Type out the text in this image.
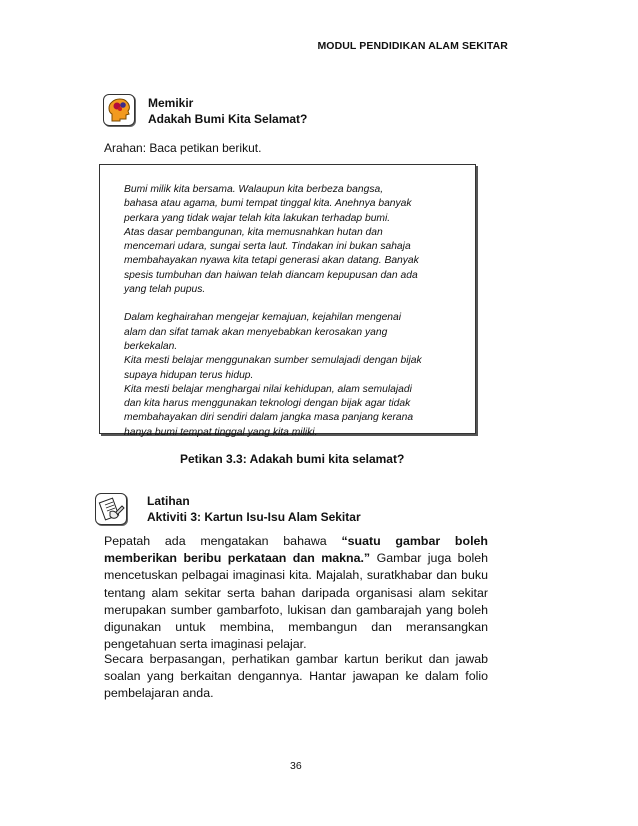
MODUL PENDIDIKAN ALAM SEKITAR
Memikir
Adakah Bumi Kita Selamat?
Arahan: Baca petikan berikut.

Bumi milik kita bersama. Walaupun kita berbeza bangsa,

bahasa atau agama, bumi tempat tinggal kita. Anehnya banyak

perkara yang tidak wajar telah kita lakukan terhadap bumi.

Atas dasar pembangunan, kita memusnahkan hutan dan

mencemari udara, sungai serta laut. Tindakan ini bukan sahaja

membahayakan nyawa kita tetapi generasi akan datang. Banyak

spesis tumbuhan dan haiwan telah diancam kepupusan dan ada

yang telah pupus.

Dalam keghairahan mengejar kemajuan, kejahilan mengenai

alam dan sifat tamak akan menyebabkan kerosakan yang

berkekalan.

Kita mesti belajar menggunakan sumber semulajadi dengan bijak

supaya hidupan terus hidup.

Kita mesti belajar menghargai nilai kehidupan, alam semulajadi

dan kita harus menggunakan teknologi dengan bijak agar tidak

membahayakan diri sendiri dalam jangka masa panjang kerana

hanya bumi tempat tinggal yang kita miliki.

Petikan 3.3: Adakah bumi kita selamat?
Latihan
Aktiviti 3: Kartun Isu-Isu Alam Sekitar

Pepatah ada mengatakan bahawa “suatu gambar boleh memberikan beribu perkataan dan makna.” Gambar juga boleh mencetuskan pelbagai imaginasi kita. Majalah, suratkhabar dan buku tentang alam sekitar serta bahan daripada organisasi alam sekitar merupakan sumber gambarfoto, lukisan dan gambarajah yang boleh digunakan untuk membina, membangun dan meransangkan pengetahuan serta imaginasi pelajar.

Secara berpasangan, perhatikan gambar kartun berikut dan jawab soalan yang berkaitan dengannya. Hantar jawapan ke dalam folio pembelajaran anda.
36
